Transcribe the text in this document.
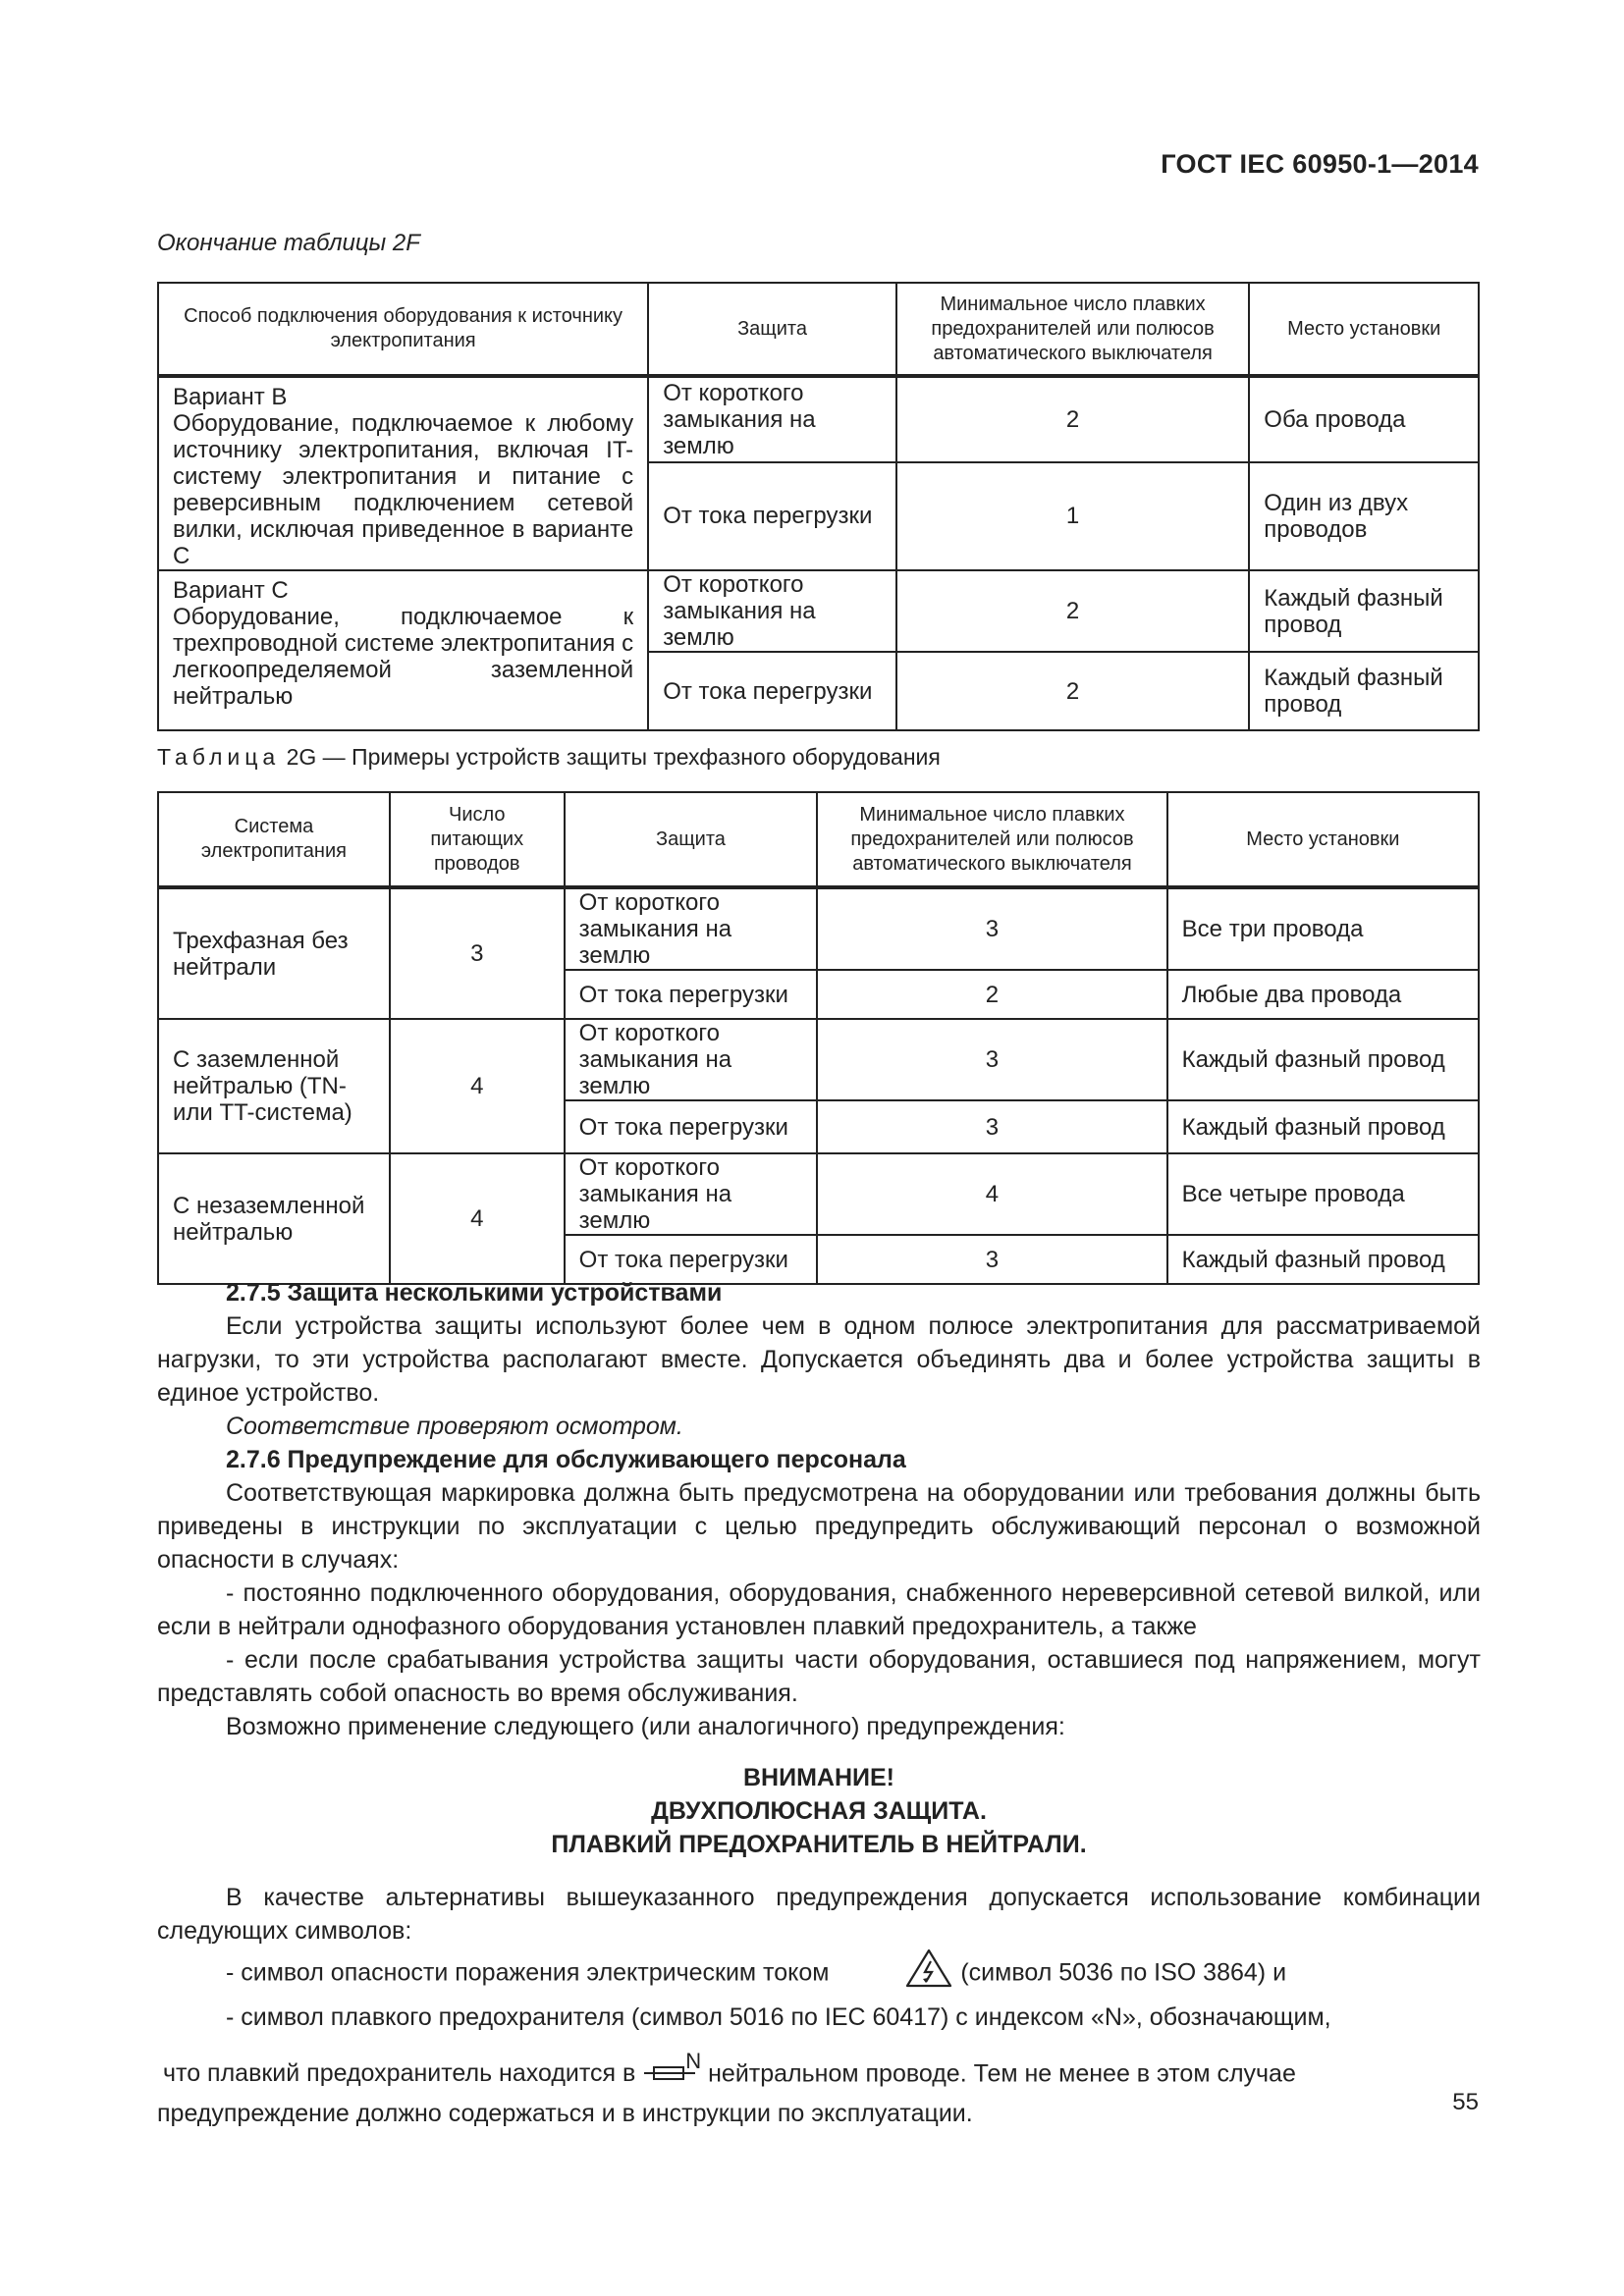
ГОСТ IEC 60950-1—2014
Окончание таблицы 2F
Способ подключения оборудования к источнику электропитания	Защита	Минимальное число плавких предохранителей или полюсов автоматического выключателя	Место установки
Вариант В
Оборудование, подключаемое к любому источнику электропитания, включая IT-систему электропитания и питание с реверсивным подключением сетевой вилки, исключая приведенное в варианте С	От короткого замыкания на землю	2	Оба провода
	От тока перегрузки	1	Один из двух проводов
Вариант С
Оборудование, подключаемое к трехпроводной системе электропитания с легкоопределяемой заземленной нейтралью	От короткого замыкания на землю	2	Каждый фазный провод
	От тока перегрузки	2	Каждый фазный провод
Таблица 2G — Примеры устройств защиты трехфазного оборудования
Система электропитания	Число питающих проводов	Защита	Минимальное число плавких предохранителей или полюсов автоматического выключателя	Место установки
Трехфазная без нейтрали	3	От короткого замыкания на землю	3	Все три провода
		От тока перегрузки	2	Любые два провода
С заземленной нейтралью (TN- или TT-система)	4	От короткого замыкания на землю	3	Каждый фазный провод
		От тока перегрузки	3	Каждый фазный провод
С незаземленной нейтралью	4	От короткого замыкания на землю	4	Все четыре провода
		От тока перегрузки	3	Каждый фазный провод

2.7.5 Защита несколькими устройствами

Если устройства защиты используют более чем в одном полюсе электропитания для рассматриваемой нагрузки, то эти устройства располагают вместе. Допускается объединять два и более устройства защиты в единое устройство.

Соответствие проверяют осмотром.

2.7.6 Предупреждение для обслуживающего персонала

Соответствующая маркировка должна быть предусмотрена на оборудовании или требования должны быть приведены в инструкции по эксплуатации с целью предупредить обслуживающий персонал о возможной опасности в случаях:

- постоянно подключенного оборудования, оборудования, снабженного нереверсивной сетевой вилкой, или если в нейтрали однофазного оборудования установлен плавкий предохранитель, а также

- если после срабатывания устройства защиты части оборудования, оставшиеся под напряжением, могут представлять собой опасность во время обслуживания.

Возможно применение следующего (или аналогичного) предупреждения:

ВНИМАНИЕ!
ДВУХПОЛЮСНАЯ ЗАЩИТА.
ПЛАВКИЙ ПРЕДОХРАНИТЕЛЬ В НЕЙТРАЛИ.

В качестве альтернативы вышеуказанного предупреждения допускается использование комбинации следующих символов:

- символ опасности поражения электрическим током	(символ 5036 по ISO 3864) и

- символ плавкого предохранителя (символ 5016 по IEC 60417) с индексом «N», обозначающим,

что плавкий предохранитель находится в $^N$ нейтральном проводе. Тем не менее в этом случае

предупреждение должно содержаться и в инструкции по эксплуатации.	55
